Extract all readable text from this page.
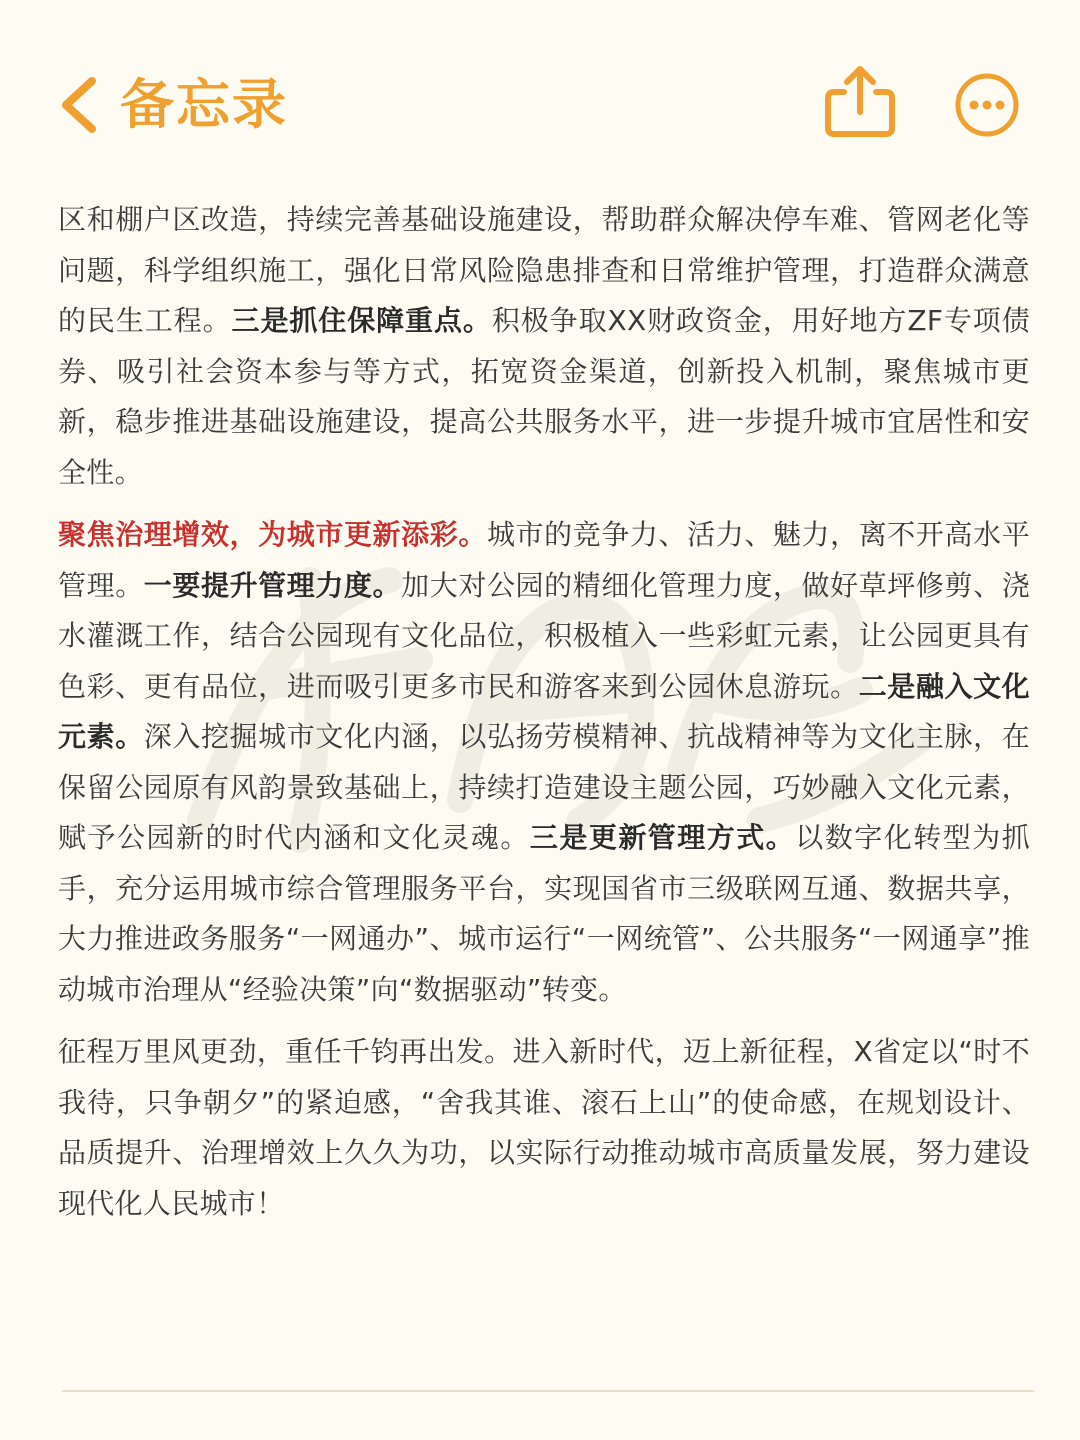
备忘录

区和棚户区改造，持续完善基础设施建设，帮助群众解决停车难、管网老化等问题，科学组织施工，强化日常风险隐患排查和日常维护管理，打造群众满意的民生工程。三是抓住保障重点。积极争取XX财政资金，用好地方ZF专项债券、吸引社会资本参与等方式，拓宽资金渠道，创新投入机制，聚焦城市更新，稳步推进基础设施建设，提高公共服务水平，进一步提升城市宜居性和安全性。

聚焦治理增效，为城市更新添彩。城市的竞争力、活力、魅力，离不开高水平管理。一要提升管理力度。加大对公园的精细化管理力度，做好草坪修剪、浇水灌溉工作，结合公园现有文化品位，积极植入一些彩虹元素，让公园更具有色彩、更有品位，进而吸引更多市民和游客来到公园休息游玩。二是融入文化元素。深入挖掘城市文化内涵，以弘扬劳模精神、抗战精神等为文化主脉，在保留公园原有风韵景致基础上，持续打造建设主题公园，巧妙融入文化元素，赋予公园新的时代内涵和文化灵魂。三是更新管理方式。以数字化转型为抓手，充分运用城市综合管理服务平台，实现国省市三级联网互通、数据共享，大力推进政务服务“一网通办”、城市运行“一网统管”、公共服务“一网通享”推动城市治理从“经验决策”向“数据驱动”转变。

征程万里风更劲，重任千钧再出发。进入新时代，迈上新征程，X省定以“时不我待，只争朝夕”的紧迫感，“舍我其谁、滚石上山”的使命感，在规划设计、品质提升、治理增效上久久为功，以实际行动推动城市高质量发展，努力建设现代化人民城市！
